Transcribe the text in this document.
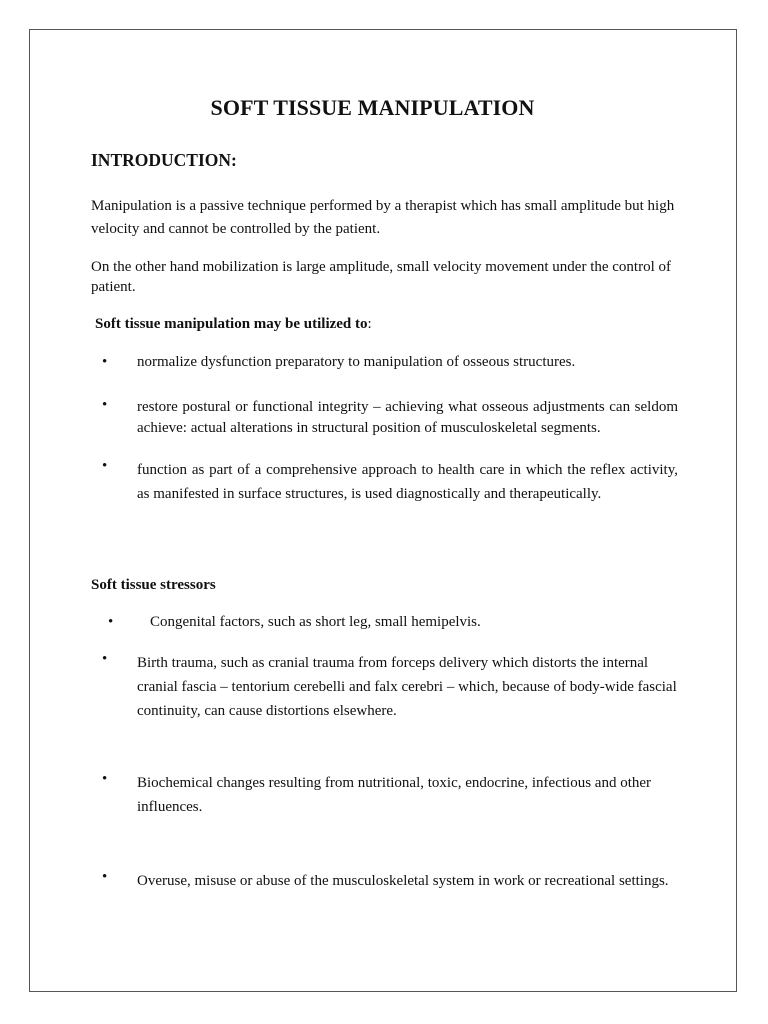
SOFT TISSUE MANIPULATION
INTRODUCTION:
Manipulation is a passive technique performed by a therapist which has small amplitude but high velocity and cannot be controlled by the patient.
On the other hand mobilization is large amplitude, small velocity movement under the control of patient.
Soft tissue manipulation may be utilized to:
•	normalize dysfunction preparatory to manipulation of osseous structures.
•	restore postural or functional integrity – achieving what osseous adjustments can seldom achieve: actual alterations in structural position of musculoskeletal segments.
•	function as part of a comprehensive approach to health care in which the reflex activity, as manifested in surface structures, is used diagnostically and therapeutically.
Soft tissue stressors
•	Congenital factors, such as short leg, small hemipelvis.
•	Birth trauma, such as cranial trauma from forceps delivery which distorts the internal cranial fascia – tentorium cerebelli and falx cerebri – which, because of body-wide fascial continuity, can cause distortions elsewhere.
•	Biochemical changes resulting from nutritional, toxic, endocrine, infectious and other influences.
•	Overuse, misuse or abuse of the musculoskeletal system in work or recreational settings.
